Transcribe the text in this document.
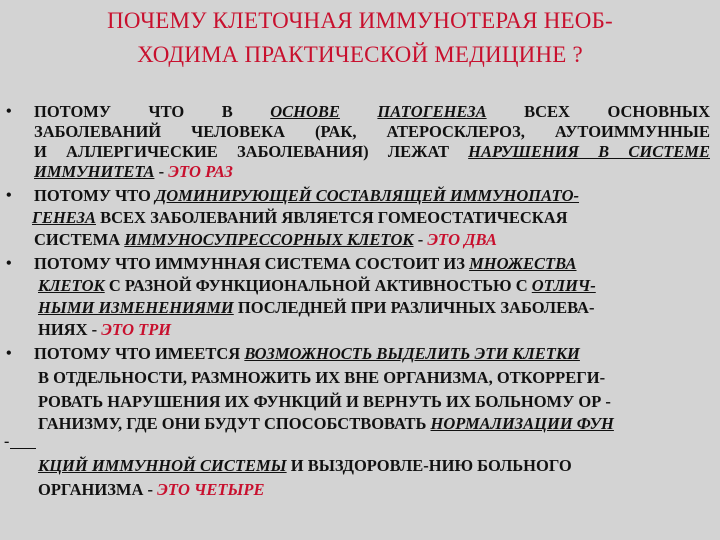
ПОЧЕМУ КЛЕТОЧНАЯ ИММУНОТЕРАЯ НЕОБ-
ХОДИМА ПРАКТИЧЕСКОЙ МЕДИЦИНЕ ?
•	ПОТОМУ ЧТО В ОСНОВЕ ПАТОГЕНЕЗА ВСЕХ ОСНОВНЫХ
ЗАБОЛЕВАНИЙ ЧЕЛОВЕКА (РАК, АТЕРОСКЛЕРОЗ, АУТОИММУННЫЕ
И АЛЛЕРГИЧЕСКИЕ ЗАБОЛЕВАНИЯ) ЛЕЖАТ НАРУШЕНИЯ В СИСТЕМЕ
ИММУНИТЕТА - ЭТО РАЗ
•	ПОТОМУ ЧТО ДОМИНИРУЮЩЕЙ СОСТАВЛЯЩЕЙ ИММУНОПАТО-
ГЕНЕЗА ВСЕХ ЗАБОЛЕВАНИЙ ЯВЛЯЕТСЯ ГОМЕОСТАТИЧЕСКАЯ
СИСТЕМА ИММУНОСУПРЕССОРНЫХ КЛЕТОК - ЭТО ДВА
•	ПОТОМУ ЧТО ИММУННАЯ СИСТЕМА СОСТОИТ ИЗ МНОЖЕСТВА
КЛЕТОК С РАЗНОЙ ФУНКЦИОНАЛЬНОЙ АКТИВНОСТЬЮ С ОТЛИЧ-
НЫМИ ИЗМЕНЕНИЯМИ ПОСЛЕДНЕЙ ПРИ РАЗЛИЧНЫХ ЗАБОЛЕВА-
НИЯХ - ЭТО ТРИ
•	ПОТОМУ ЧТО ИМЕЕТСЯ ВОЗМОЖНОСТЬ ВЫДЕЛИТЬ ЭТИ КЛЕТКИ
В ОТДЕЛЬНОСТИ, РАЗМНОЖИТЬ ИХ ВНЕ ОРГАНИЗМА, ОТКОРРЕГИ-
РОВАТЬ НАРУШЕНИЯ ИХ ФУНКЦИЙ И ВЕРНУТЬ ИХ БОЛЬНОМУ ОР -
ГАНИЗМУ, ГДЕ ОНИ БУДУТ СПОСОБСТВОВАТЬ НОРМАЛИЗАЦИИ ФУН
-
КЦИЙ ИММУННОЙ СИСТЕМЫ И ВЫЗДОРОВЛЕ-НИЮ БОЛЬНОГО
ОРГАНИЗМА - ЭТО ЧЕТЫРЕ
